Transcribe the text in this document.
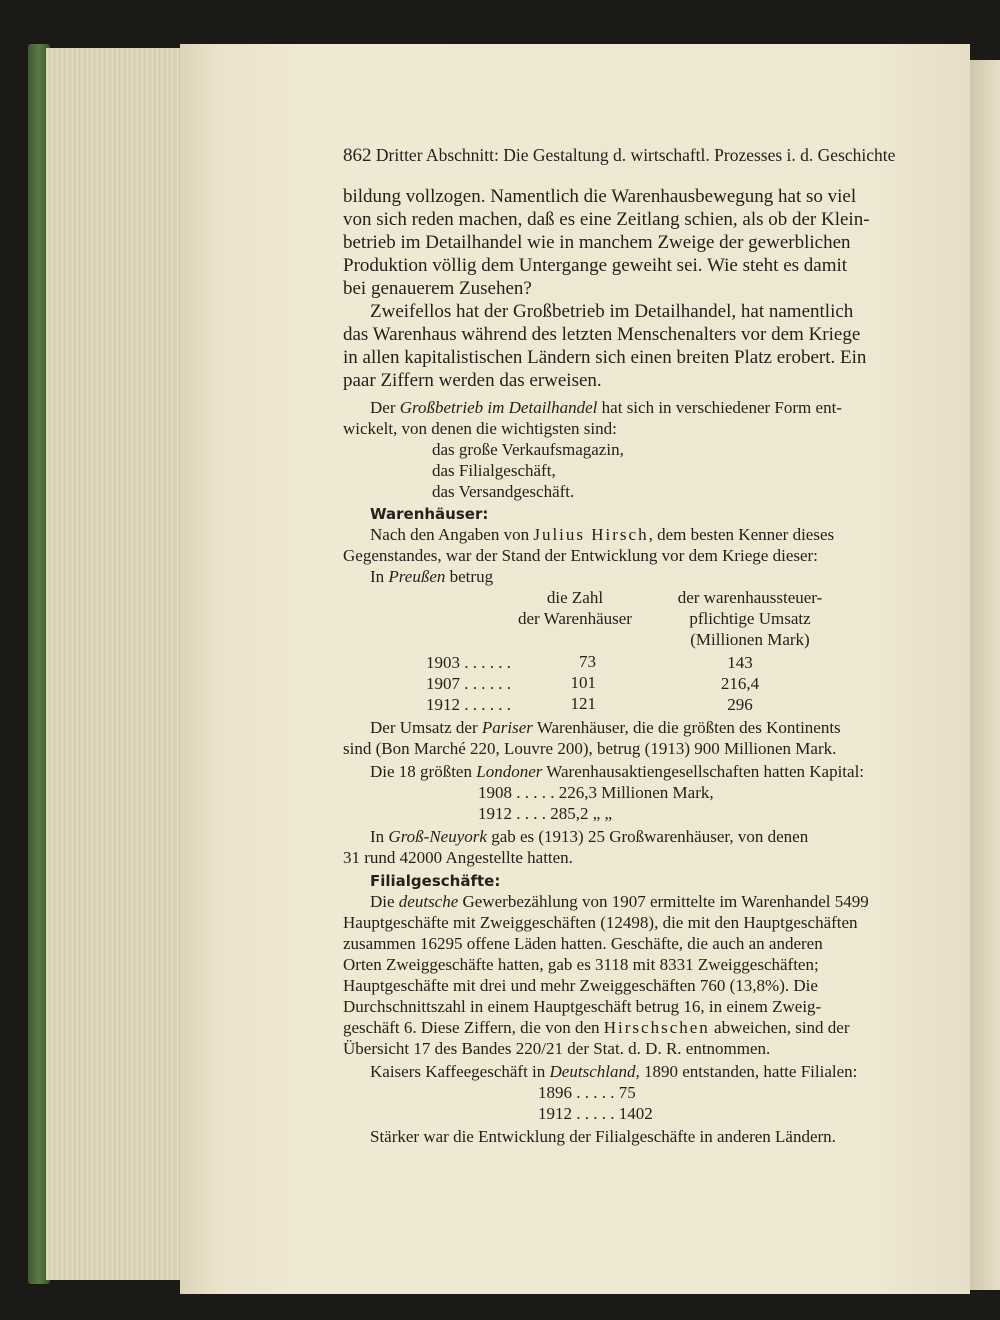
862 Dritter Abschnitt: Die Gestaltung d. wirtschaftl. Prozesses i. d. Geschichte
bildung vollzogen. Namentlich die Warenhausbewegung hat so viel
von sich reden machen, daß es eine Zeitlang schien, als ob der Klein-
betrieb im Detailhandel wie in manchem Zweige der gewerblichen
Produktion völlig dem Untergange geweiht sei. Wie steht es damit
bei genauerem Zusehen?
Zweifellos hat der Großbetrieb im Detailhandel, hat namentlich
das Warenhaus während des letzten Menschenalters vor dem Kriege
in allen kapitalistischen Ländern sich einen breiten Platz erobert. Ein
paar Ziffern werden das erweisen.
Der Großbetrieb im Detailhandel hat sich in verschiedener Form ent-
wickelt, von denen die wichtigsten sind:
das große Verkaufsmagazin,
das Filialgeschäft,
das Versandgeschäft.
Warenhäuser:
Nach den Angaben von Julius Hirsch, dem besten Kenner dieses
Gegenstandes, war der Stand der Entwicklung vor dem Kriege dieser:
In Preußen betrug
die Zahl
der Warenhäuser
der warenhaussteuer-
pflichtige Umsatz
(Millionen Mark)
1903 . . . . . .	73	143
1907 . . . . . .	101	216,4
1912 . . . . . .	121	296
Der Umsatz der Pariser Warenhäuser, die die größten des Kontinents
sind (Bon Marché 220, Louvre 200), betrug (1913) 900 Millionen Mark.
Die 18 größten Londoner Warenhausaktiengesellschaften hatten Kapital:
1908 . . . . . 226,3 Millionen Mark,
1912 . . . . 285,2 „ „
In Groß-Neuyork gab es (1913) 25 Großwarenhäuser, von denen
31 rund 42000 Angestellte hatten.
Filialgeschäfte:
Die deutsche Gewerbezählung von 1907 ermittelte im Warenhandel 5499
Hauptgeschäfte mit Zweiggeschäften (12498), die mit den Hauptgeschäften
zusammen 16295 offene Läden hatten. Geschäfte, die auch an anderen
Orten Zweiggeschäfte hatten, gab es 3118 mit 8331 Zweiggeschäften;
Hauptgeschäfte mit drei und mehr Zweiggeschäften 760 (13,8%). Die
Durchschnittszahl in einem Hauptgeschäft betrug 16, in einem Zweig-
geschäft 6. Diese Ziffern, die von den Hirschschen abweichen, sind der
Übersicht 17 des Bandes 220/21 der Stat. d. D. R. entnommen.
Kaisers Kaffeegeschäft in Deutschland, 1890 entstanden, hatte Filialen:
1896 . . . . . 75
1912 . . . . . 1402
Stärker war die Entwicklung der Filialgeschäfte in anderen Ländern.
